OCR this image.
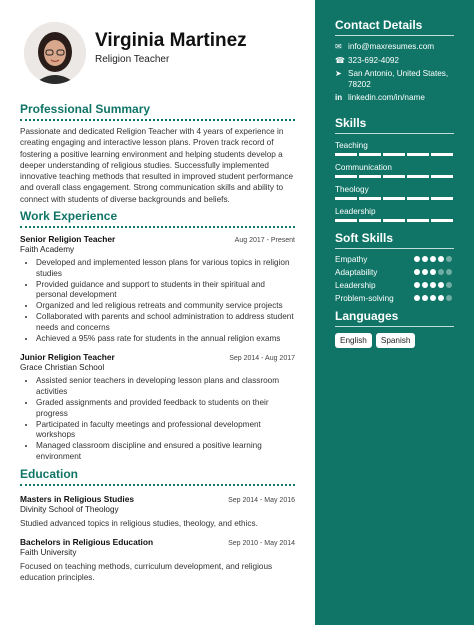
Virginia Martinez
Religion Teacher
Professional Summary

Passionate and dedicated Religion Teacher with 4 years of experience in creating engaging and interactive lesson plans. Proven track record of fostering a positive learning environment and helping students develop a deeper understanding of religious studies. Successfully implemented innovative teaching methods that resulted in improved student performance and overall class engagement. Strong communication skills and ability to connect with students of diverse backgrounds and beliefs.

Work Experience
Senior Religion Teacher	Aug 2017 - Present
Faith Academy
• Developed and implemented lesson plans for various topics in religion studies
• Provided guidance and support to students in their spiritual and personal development
• Organized and led religious retreats and community service projects
• Collaborated with parents and school administration to address student needs and concerns
• Achieved a 95% pass rate for students in the annual religion exams
Junior Religion Teacher	Sep 2014 - Aug 2017
Grace Christian School
• Assisted senior teachers in developing lesson plans and classroom activities
• Graded assignments and provided feedback to students on their progress
• Participated in faculty meetings and professional development workshops
• Managed classroom discipline and ensured a positive learning environment
Education
Masters in Religious Studies	Sep 2014 - May 2016
Divinity School of Theology

Studied advanced topics in religious studies, theology, and ethics.

Bachelors in Religious Education	Sep 2010 - May 2014
Faith University

Focused on teaching methods, curriculum development, and religious education principles.

Contact Details
✉ info@maxresumes.com
☎ 323-692-4092
➤ San Antonio, United States, 78202
in linkedin.com/in/name
Skills
Teaching
Communication
Theology
Leadership
Soft Skills
Empathy
Adaptability
Leadership
Problem-solving
Languages
English	Spanish
